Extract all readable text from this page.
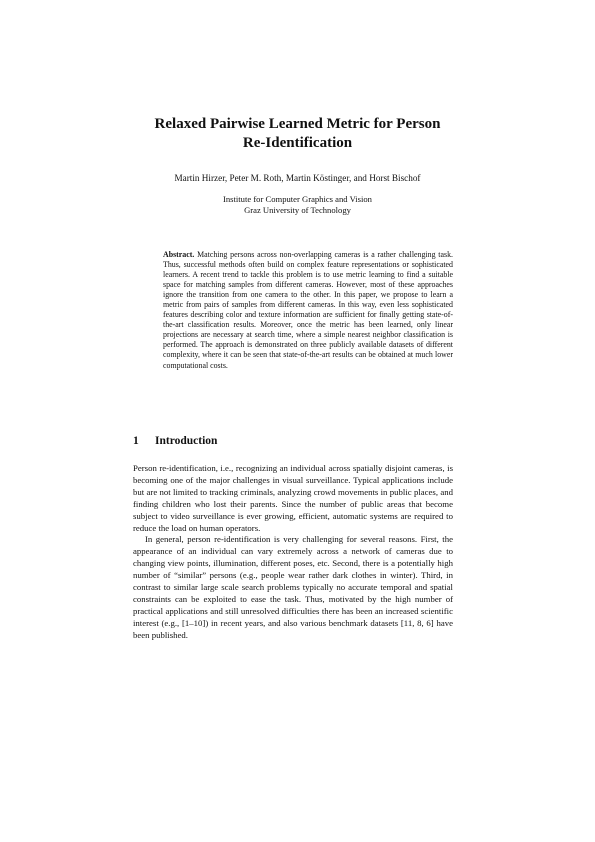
Relaxed Pairwise Learned Metric for Person
Re-Identification
Martin Hirzer, Peter M. Roth, Martin Köstinger, and Horst Bischof
Institute for Computer Graphics and Vision
Graz University of Technology
Abstract. Matching persons across non-overlapping cameras is a rather challenging task. Thus, successful methods often build on complex feature representations or sophisticated learners. A recent trend to tackle this problem is to use metric learning to find a suitable space for matching samples from different cameras. However, most of these approaches ignore the transition from one camera to the other. In this paper, we propose to learn a metric from pairs of samples from different cameras. In this way, even less sophisticated features describing color and texture information are sufficient for finally getting state-of-the-art classification results. Moreover, once the metric has been learned, only linear projections are necessary at search time, where a simple nearest neighbor classification is performed. The approach is demonstrated on three publicly available datasets of different complexity, where it can be seen that state-of-the-art results can be obtained at much lower computational costs.
1 Introduction

Person re-identification, i.e., recognizing an individual across spatially disjoint cameras, is becoming one of the major challenges in visual surveillance. Typical applications include but are not limited to tracking criminals, analyzing crowd movements in public places, and finding children who lost their parents. Since the number of public areas that become subject to video surveillance is ever growing, efficient, automatic systems are required to reduce the load on human operators.

In general, person re-identification is very challenging for several reasons. First, the appearance of an individual can vary extremely across a network of cameras due to changing view points, illumination, different poses, etc. Second, there is a potentially high number of “similar” persons (e.g., people wear rather dark clothes in winter). Third, in contrast to similar large scale search problems typically no accurate temporal and spatial constraints can be exploited to ease the task. Thus, motivated by the high number of practical applications and still unresolved difficulties there has been an increased scientific interest (e.g., [1–10]) in recent years, and also various benchmark datasets [11, 8, 6] have been published.
